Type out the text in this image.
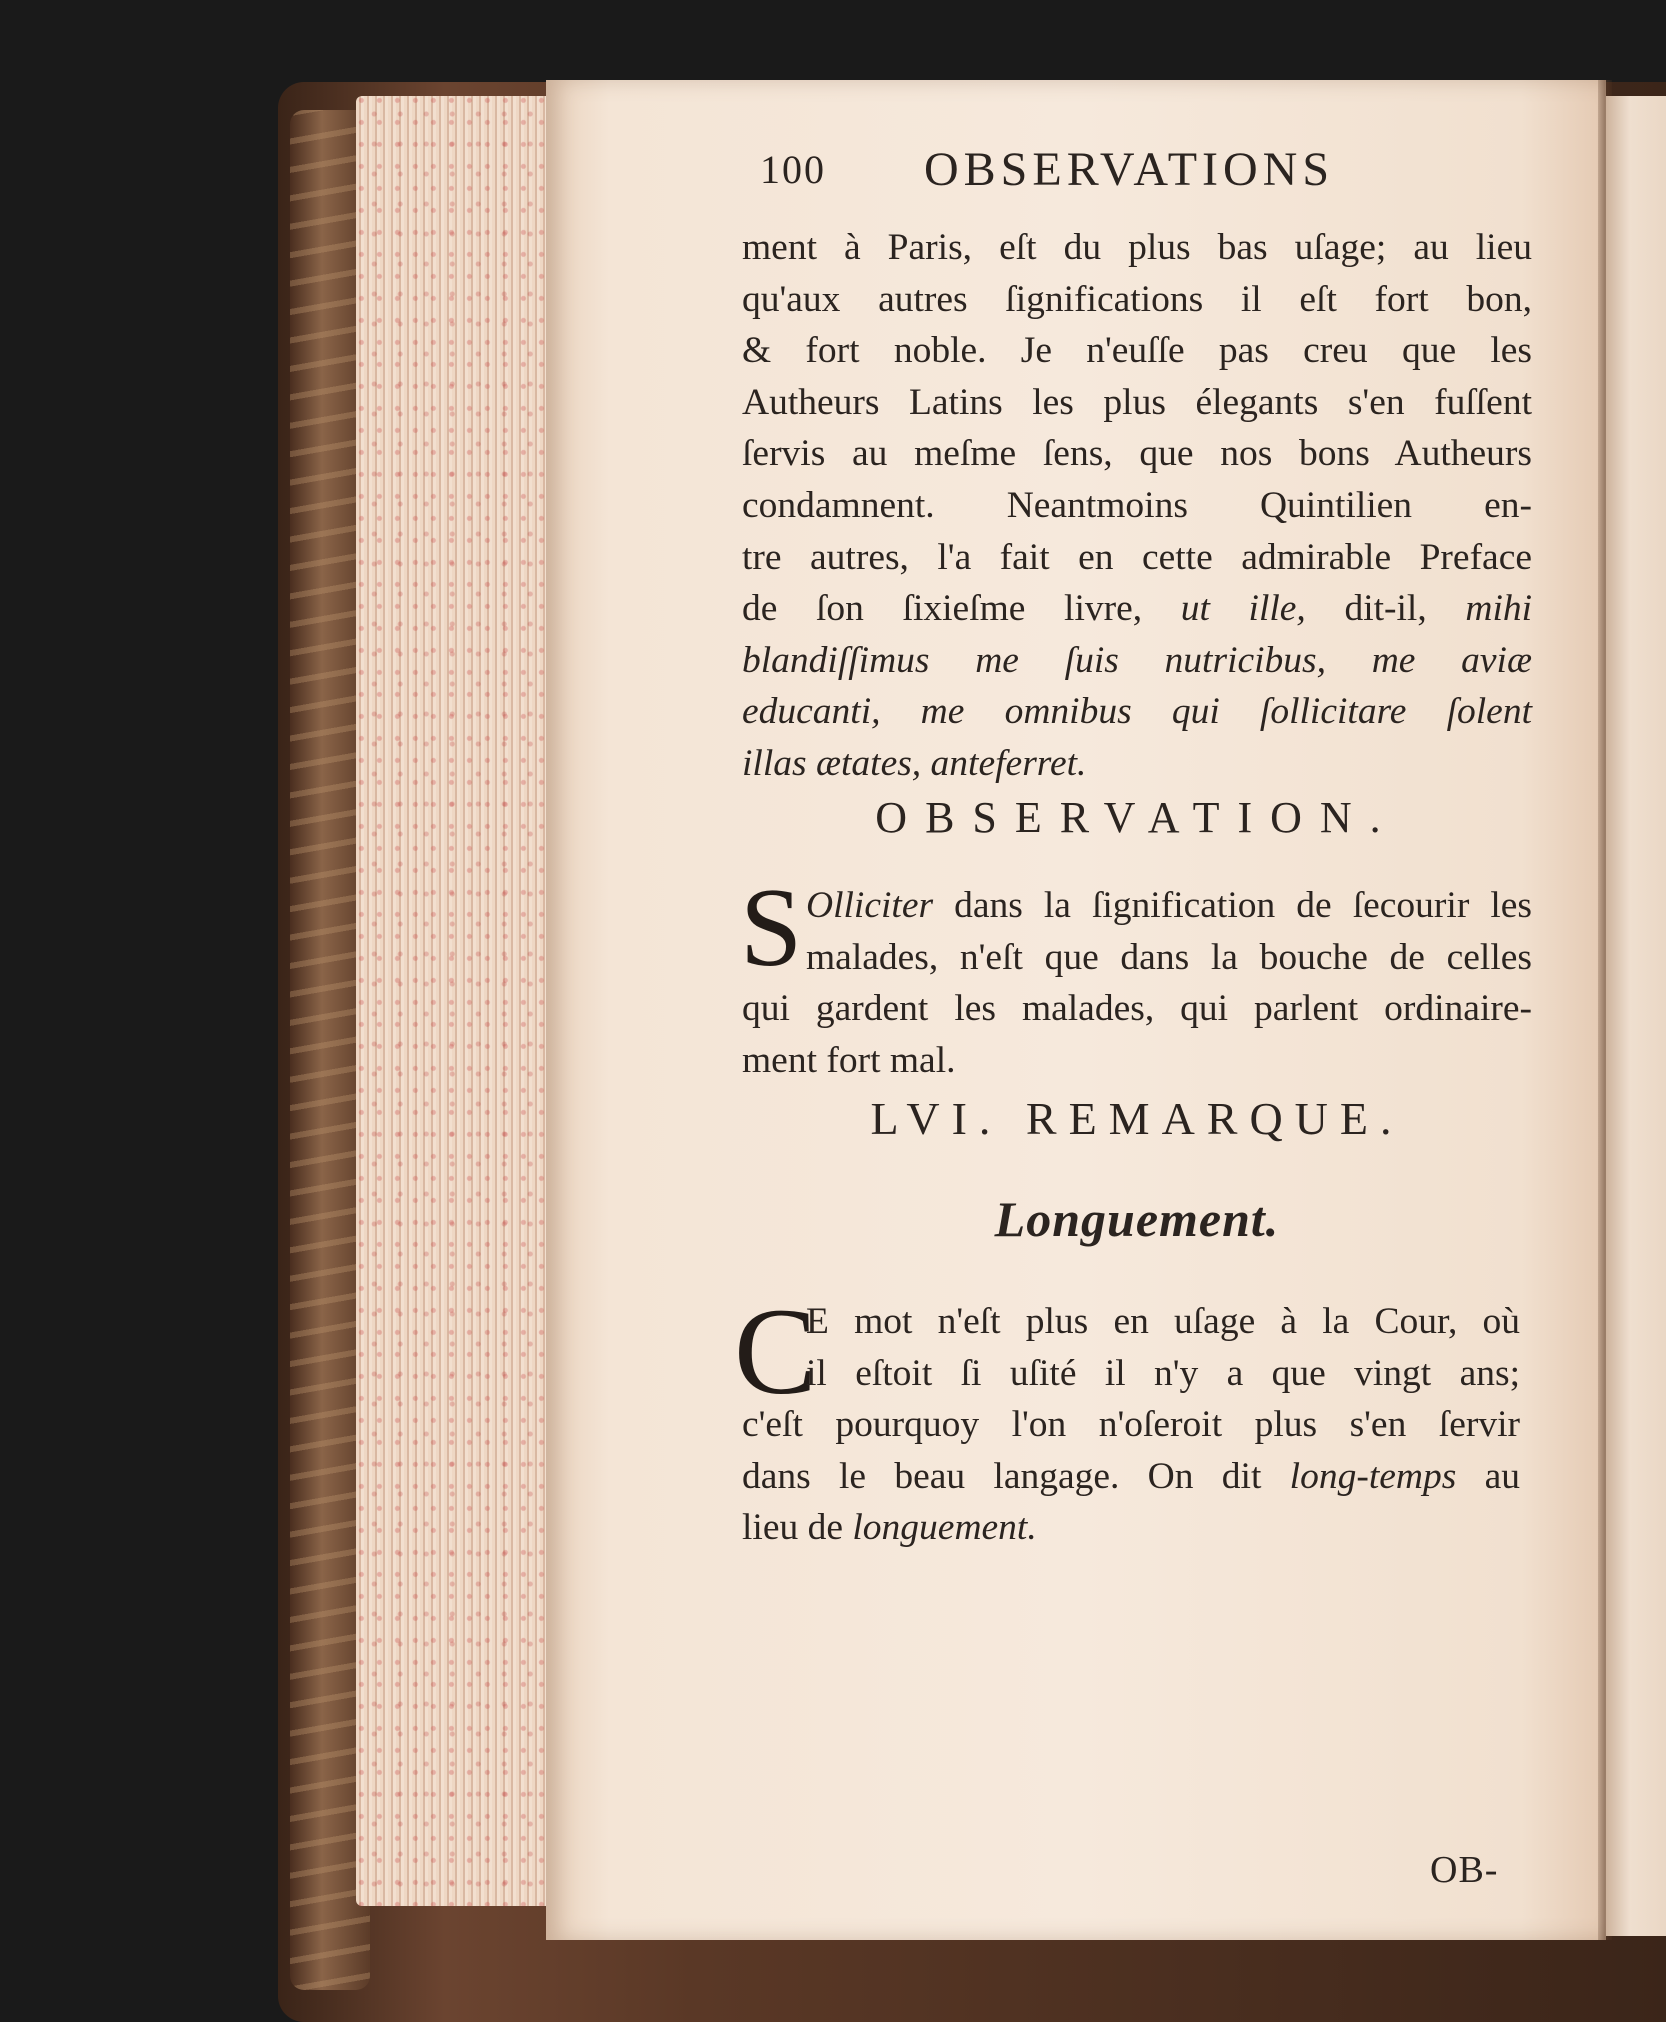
100 OBSERVATIONS
ment à Paris, eſt du plus bas uſage; au lieu
qu'aux autres ſignifications il eſt fort bon,
& fort noble. Je n'euſſe pas creu que les
Autheurs Latins les plus élegants s'en fuſſent
ſervis au meſme ſens, que nos bons Autheurs
condamnent. Neantmoins Quintilien en-
tre autres, l'a fait en cette admirable Preface
de ſon ſixieſme livre, ut ille, dit-il, mihi
blandiſſimus me ſuis nutricibus, me aviæ
educanti, me omnibus qui ſollicitare ſolent
illas ætates, anteferret.
OBSERVATION.
S Olliciter dans la ſignification de ſecourir les
malades, n'eſt que dans la bouche de celles
qui gardent les malades, qui parlent ordinaire-
ment fort mal.
LVI. REMARQUE.
Longuement.
C
E mot n'eſt plus en uſage à la Cour, où
il eſtoit ſi uſité il n'y a que vingt ans;
c'eſt pourquoy l'on n'oſeroit plus s'en ſervir
dans le beau langage. On dit long-temps au
lieu de longuement.
OB-
